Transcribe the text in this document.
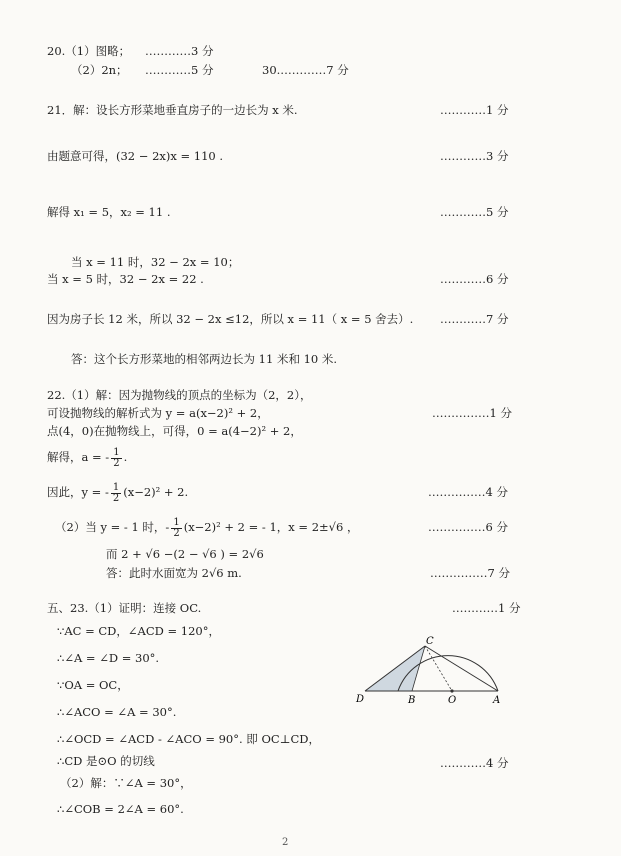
20.（1）图略； …………3 分
（2）2n； …………5 分	30.…………7 分
21．解：设长方形菜地垂直房子的一边长为 x 米.	…………1 分
由题意可得，(32 − 2x)x = 110 .	…………3 分
解得 x₁ = 5，x₂ = 11 .	…………5 分
当 x = 11 时，32 − 2x = 10；
当 x = 5 时，32 − 2x = 22 .	…………6 分
因为房子长 12 米，所以 32 − 2x ≤12，所以 x = 11（ x = 5 舍去）. …………7 分
答：这个长方形菜地的相邻两边长为 11 米和 10 米.
22.（1）解：因为抛物线的顶点的坐标为（2，2），
可设抛物线的解析式为 y = a(x−2)² + 2，	……………1 分
点(4，0)在抛物线上，可得，0 = a(4−2)² + 2，
解得，a = - $\frac{1}{2}$ .
因此，y = - $\frac{1}{2} (x-2)^2 + 2$.	……………4 分
（2）当 y = - 1 时，- $\frac{1}{2} (x-2)^2 + 2$ = - 1，x = 2±√6 ，	……………6 分
而 2 + √6 −(2 − √6 ) = 2√6
答：此时水面宽为 2√6 m.	……………7 分
五、23.（1）证明：连接 OC.	…………1 分
∵AC = CD，∠ACD = 120°，
∴∠A = ∠D = 30°.
∵OA = OC，
∴∠ACO = ∠A = 30°.
∴∠OCD = ∠ACD - ∠ACO = 90°. 即 OC⊥CD，
∴CD 是⊙O 的切线	…………4 分
（2）解：∵∠A = 30°，
∴∠COB = 2∠A = 60°.
C
D	B	O	A
2
